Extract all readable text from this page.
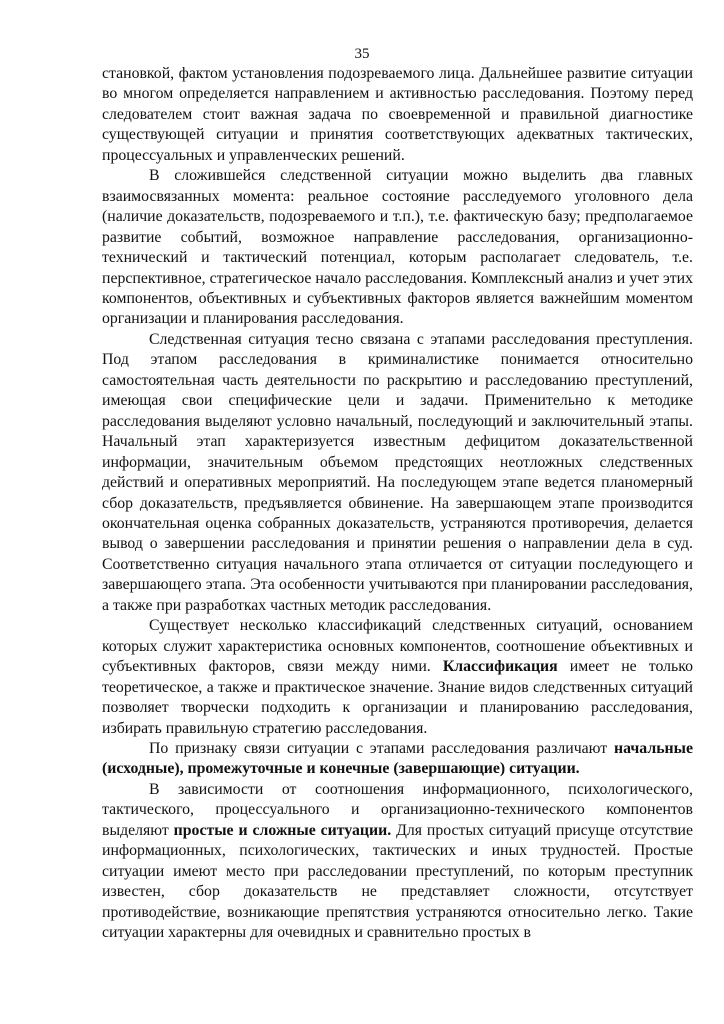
35

становкой, фактом установления подозреваемого лица. Дальнейшее развитие ситуации во многом определяется направлением и активностью расследования. Поэтому перед следователем стоит важная задача по своевременной и правильной диагностике существующей ситуации и принятия соответствующих адекватных тактических, процессуальных и управленческих решений.

В сложившейся следственной ситуации можно выделить два главных взаимосвязанных момента: реальное состояние расследуемого уголовного дела (наличие доказательств, подозреваемого и т.п.), т.е. фактическую базу; предполагаемое развитие событий, возможное направление расследования, организационно-технический и тактический потенциал, которым располагает следователь, т.е. перспективное, стратегическое начало расследования. Комплексный анализ и учет этих компонентов, объективных и субъективных факторов является важнейшим моментом организации и планирования расследования.

Следственная ситуация тесно связана с этапами расследования преступления. Под этапом расследования в криминалистике понимается относительно самостоятельная часть деятельности по раскрытию и расследованию преступлений, имеющая свои специфические цели и задачи. Применительно к методике расследования выделяют условно начальный, последующий и заключительный этапы. Начальный этап характеризуется известным дефицитом доказательственной информации, значительным объемом предстоящих неотложных следственных действий и оперативных мероприятий. На последующем этапе ведется планомерный сбор доказательств, предъявляется обвинение. На завершающем этапе производится окончательная оценка собранных доказательств, устраняются противоречия, делается вывод о завершении расследования и принятии решения о направлении дела в суд. Соответственно ситуация начального этапа отличается от ситуации последующего и завершающего этапа. Эта особенности учитываются при планировании расследования, а также при разработках частных методик расследования.

Существует несколько классификаций следственных ситуаций, основанием которых служит характеристика основных компонентов, соотношение объективных и субъективных факторов, связи между ними. Классификация имеет не только теоретическое, а также и практическое значение. Знание видов следственных ситуаций позволяет творчески подходить к организации и планированию расследования, избирать правильную стратегию расследования.

По признаку связи ситуации с этапами расследования различают начальные (исходные), промежуточные и конечные (завершающие) ситуации.

В зависимости от соотношения информационного, психологического, тактического, процессуального и организационно-технического компонентов выделяют простые и сложные ситуации. Для простых ситуаций присуще отсутствие информационных, психологических, тактических и иных трудностей. Простые ситуации имеют место при расследовании преступлений, по которым преступник известен, сбор доказательств не представляет сложности, отсутствует противодействие, возникающие препятствия устраняются относительно легко. Такие ситуации характерны для очевидных и сравнительно простых в
